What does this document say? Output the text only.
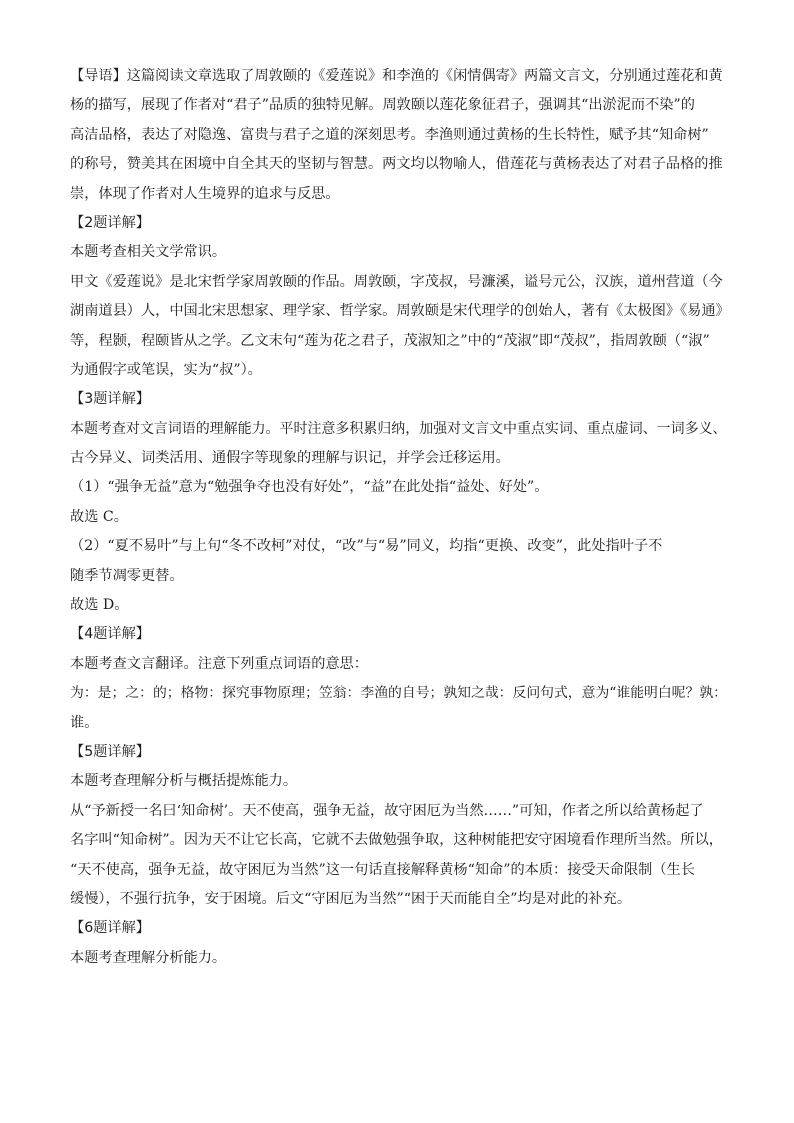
【导语】这篇阅读文章选取了周敦颐的《爱莲说》和李渔的《闲情偶寄》两篇文言文，分别通过莲花和黄
杨的描写，展现了作者对“君子”品质的独特见解。周敦颐以莲花象征君子，强调其“出淤泥而不染”的
高洁品格，表达了对隐逸、富贵与君子之道的深刻思考。李渔则通过黄杨的生长特性，赋予其“知命树”
的称号，赞美其在困境中自全其天的坚韧与智慧。两文均以物喻人，借莲花与黄杨表达了对君子品格的推
崇，体现了作者对人生境界的追求与反思。
【2题详解】
本题考查相关文学常识。
甲文《爱莲说》是北宋哲学家周敦颐的作品。周敦颐，字茂叔，号濂溪，谥号元公，汉族，道州营道（今
湖南道县）人，中国北宋思想家、理学家、哲学家。周敦颐是宋代理学的创始人，著有《太极图》《易通》
等，程颢，程颐皆从之学。乙文末句“莲为花之君子，茂淑知之”中的“茂淑”即“茂叔”，指周敦颐（“淑”
为通假字或笔误，实为“叔”）。
【3题详解】
本题考查对文言词语的理解能力。平时注意多积累归纳，加强对文言文中重点实词、重点虚词、一词多义、
古今异义、词类活用、通假字等现象的理解与识记，并学会迁移运用。
（1）“强争无益”意为“勉强争夺也没有好处”，“益”在此处指“益处、好处”。
故选 C。
（2）“夏不易叶”与上句“冬不改柯”对仗，“改”与“易”同义，均指“更换、改变”，此处指叶子不
随季节凋零更替。
故选 D。
【4题详解】
本题考查文言翻译。注意下列重点词语的意思：
为：是；之：的；格物：探究事物原理；笠翁：李渔的自号；孰知之哉：反问句式，意为“谁能明白呢？孰：
谁。
【5题详解】
本题考查理解分析与概括提炼能力。
从“予新授一名曰‘知命树’。天不使高，强争无益，故守困厄为当然……”可知，作者之所以给黄杨起了
名字叫“知命树”。因为天不让它长高，它就不去做勉强争取，这种树能把安守困境看作理所当然。所以，
“天不使高，强争无益，故守困厄为当然”这一句话直接解释黄杨“知命”的本质：接受天命限制（生长
缓慢），不强行抗争，安于困境。后文“守困厄为当然”“困于天而能自全”均是对此的补充。
【6题详解】
本题考查理解分析能力。
